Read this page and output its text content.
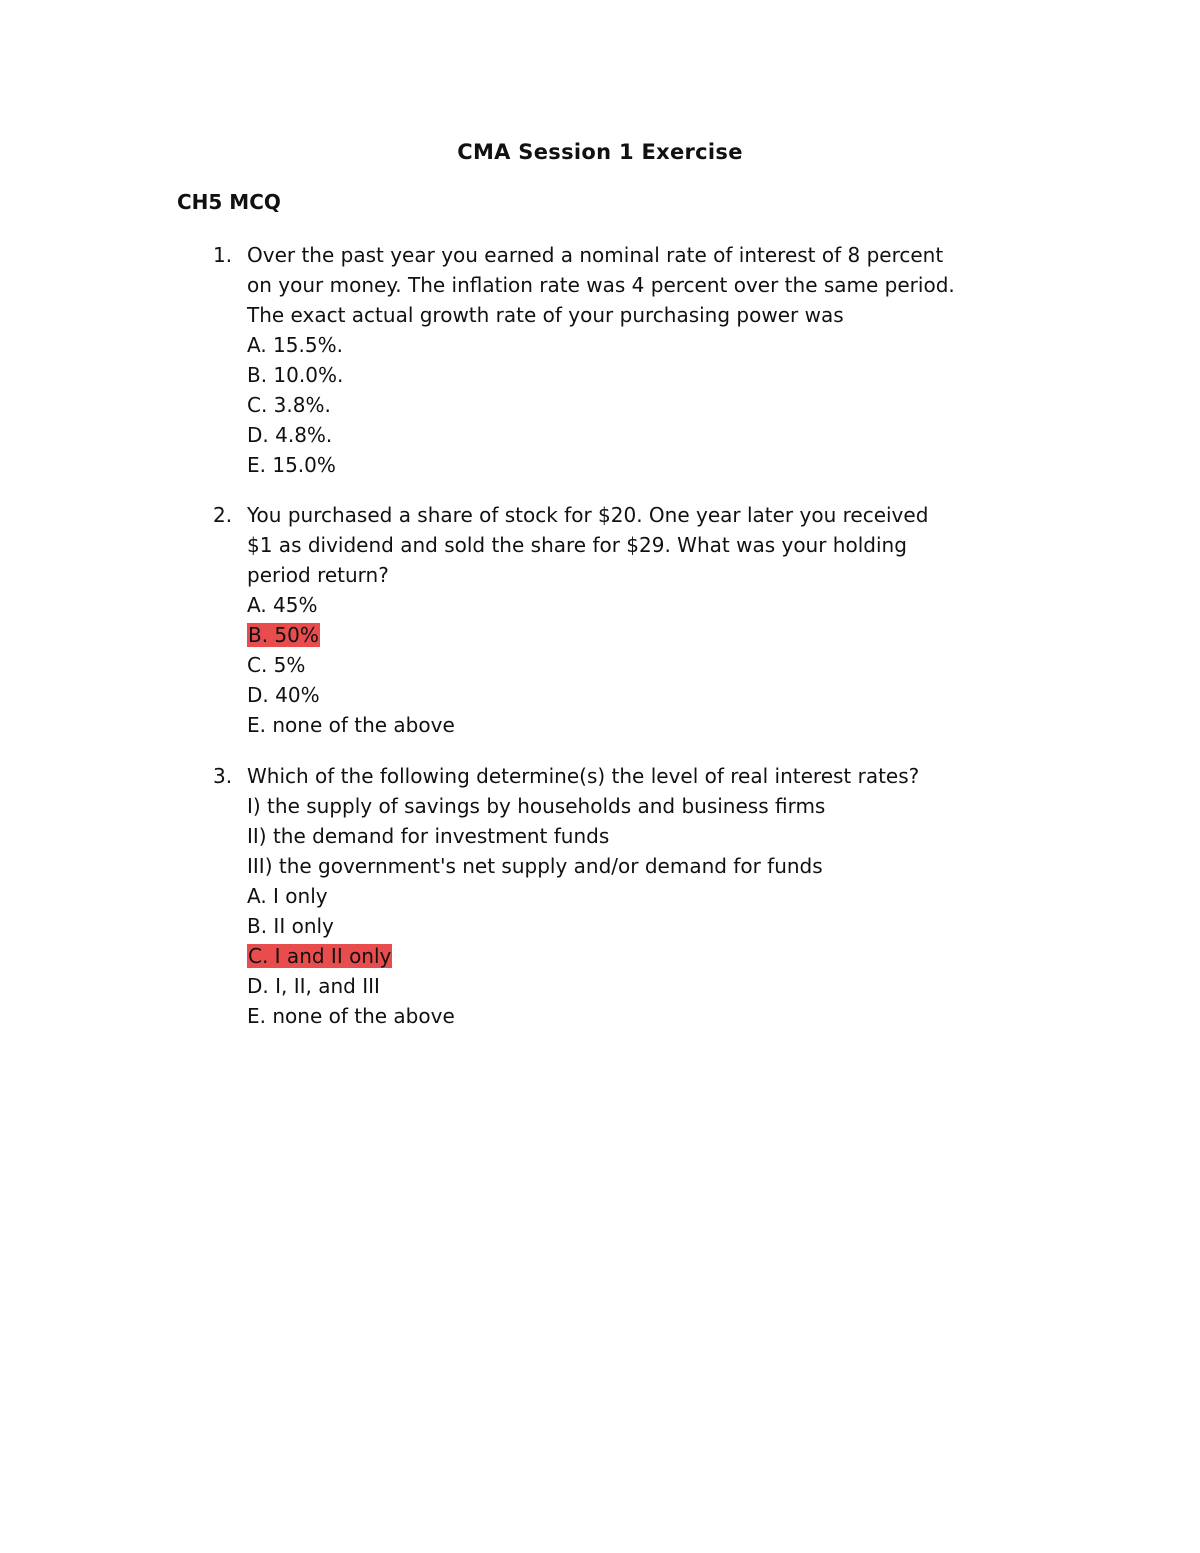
CMA Session 1 Exercise
CH5 MCQ
1. Over the past year you earned a nominal rate of interest of 8 percent
on your money. The inflation rate was 4 percent over the same period.
The exact actual growth rate of your purchasing power was
A. 15.5%.
B. 10.0%.
C. 3.8%.
D. 4.8%.
E. 15.0%
2. You purchased a share of stock for $20. One year later you received
$1 as dividend and sold the share for $29. What was your holding
period return?
A. 45%
B. 50%
C. 5%
D. 40%
E. none of the above
3. Which of the following determine(s) the level of real interest rates?
I) the supply of savings by households and business firms
II) the demand for investment funds
III) the government's net supply and/or demand for funds
A. I only
B. II only
C. I and II only
D. I, II, and III
E. none of the above
